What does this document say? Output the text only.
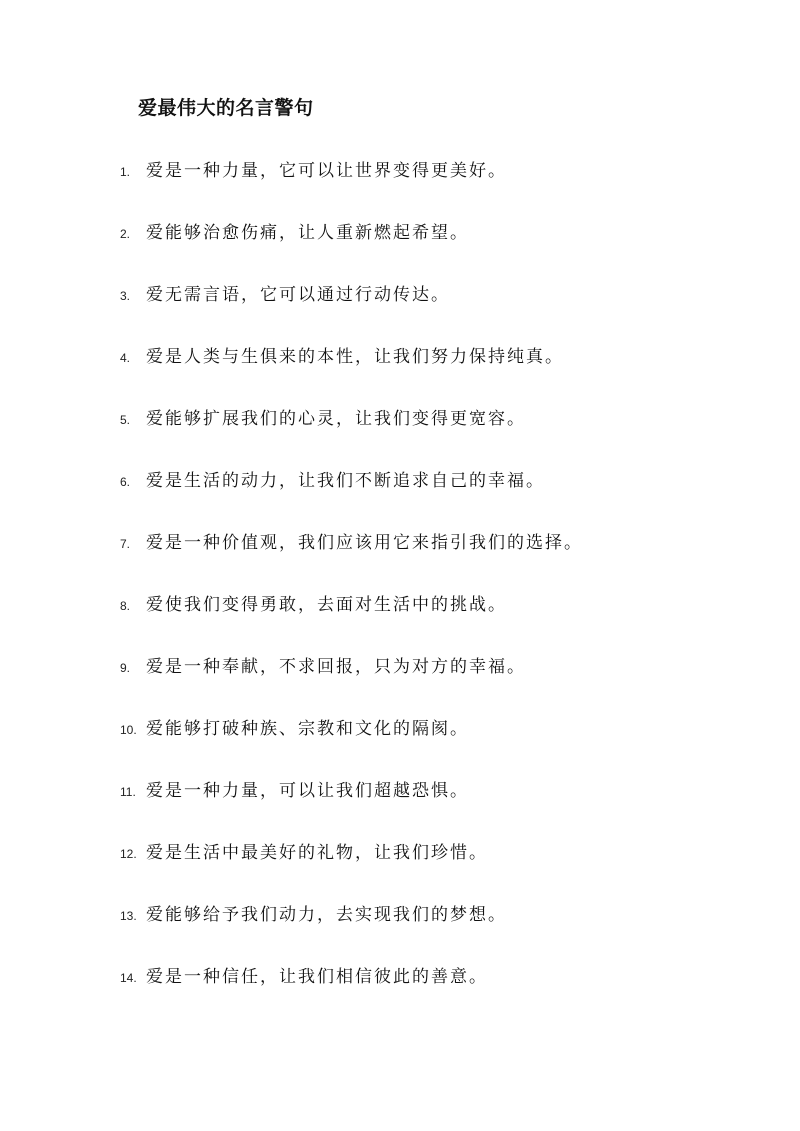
爱最伟大的名言警句
1. 爱是一种力量，它可以让世界变得更美好。
2. 爱能够治愈伤痛，让人重新燃起希望。
3. 爱无需言语，它可以通过行动传达。
4. 爱是人类与生俱来的本性，让我们努力保持纯真。
5. 爱能够扩展我们的心灵，让我们变得更宽容。
6. 爱是生活的动力，让我们不断追求自己的幸福。
7. 爱是一种价值观，我们应该用它来指引我们的选择。
8. 爱使我们变得勇敢，去面对生活中的挑战。
9. 爱是一种奉献，不求回报，只为对方的幸福。
10. 爱能够打破种族、宗教和文化的隔阂。
11. 爱是一种力量，可以让我们超越恐惧。
12. 爱是生活中最美好的礼物，让我们珍惜。
13. 爱能够给予我们动力，去实现我们的梦想。
14. 爱是一种信任，让我们相信彼此的善意。
